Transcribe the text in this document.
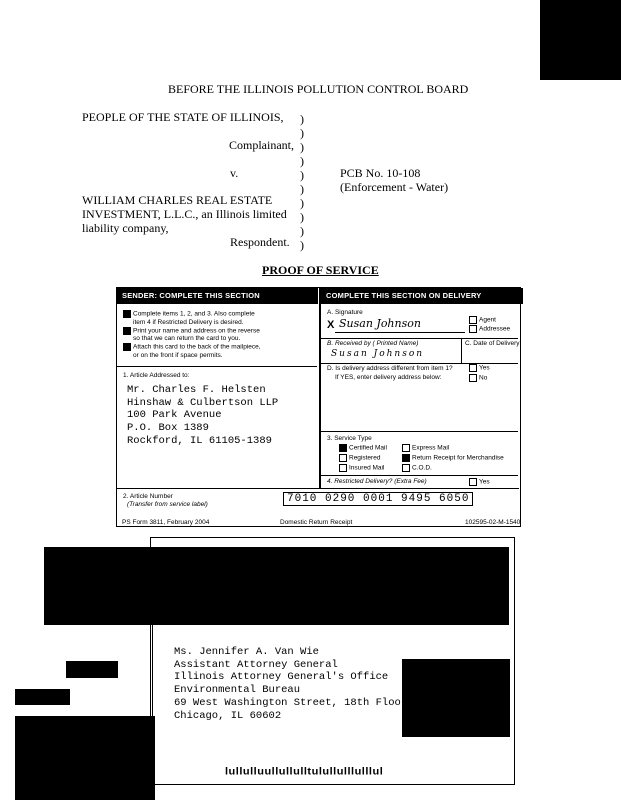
BEFORE THE ILLINOIS POLLUTION CONTROL BOARD
PEOPLE OF THE STATE OF ILLINOIS,
Complainant,
v.	PCB No. 10-108
(Enforcement - Water)
WILLIAM CHARLES REAL ESTATE
INVESTMENT, L.L.C., an Illinois limited
liability company,
Respondent.
)
)
)
)
)
)
)
)
)
)
PROOF OF SERVICE
SENDER: COMPLETE THIS SECTION	COMPLETE THIS SECTION ON DELIVERY
Complete items 1, 2, and 3. Also complete
item 4 if Restricted Delivery is desired.
Print your name and address on the reverse
so that we can return the card to you.
Attach this card to the back of the mailpiece,
or on the front if space permits.
1. Article Addressed to:
Mr. Charles F. Helsten
Hinshaw & Culbertson LLP
100 Park Avenue
P.O. Box 1389
Rockford, IL 61105-1389
A. Signature
X Susan Johnson	Agent
Addressee
B. Received by ( Printed Name)	C. Date of Delivery
Susan Johnson
D. Is delivery address different from item 1?	Yes
If YES, enter delivery address below:	No
3. Service Type
Certified Mail	Express Mail
Registered	Return Receipt for Merchandise
Insured Mail	C.O.D.
4. Restricted Delivery? (Extra Fee)	Yes
2. Article Number
(Transfer from service label)	7010 0290 0001 9495 6050
PS Form 3811, February 2004	Domestic Return Receipt	102595-02-M-1540
Ms. Jennifer A. Van Wie
Assistant Attorney General
Illinois Attorney General's Office
Environmental Bureau
69 West Washington Street, 18th Floor
Chicago, IL 60602
lullulluullullulltulullulllulllul
